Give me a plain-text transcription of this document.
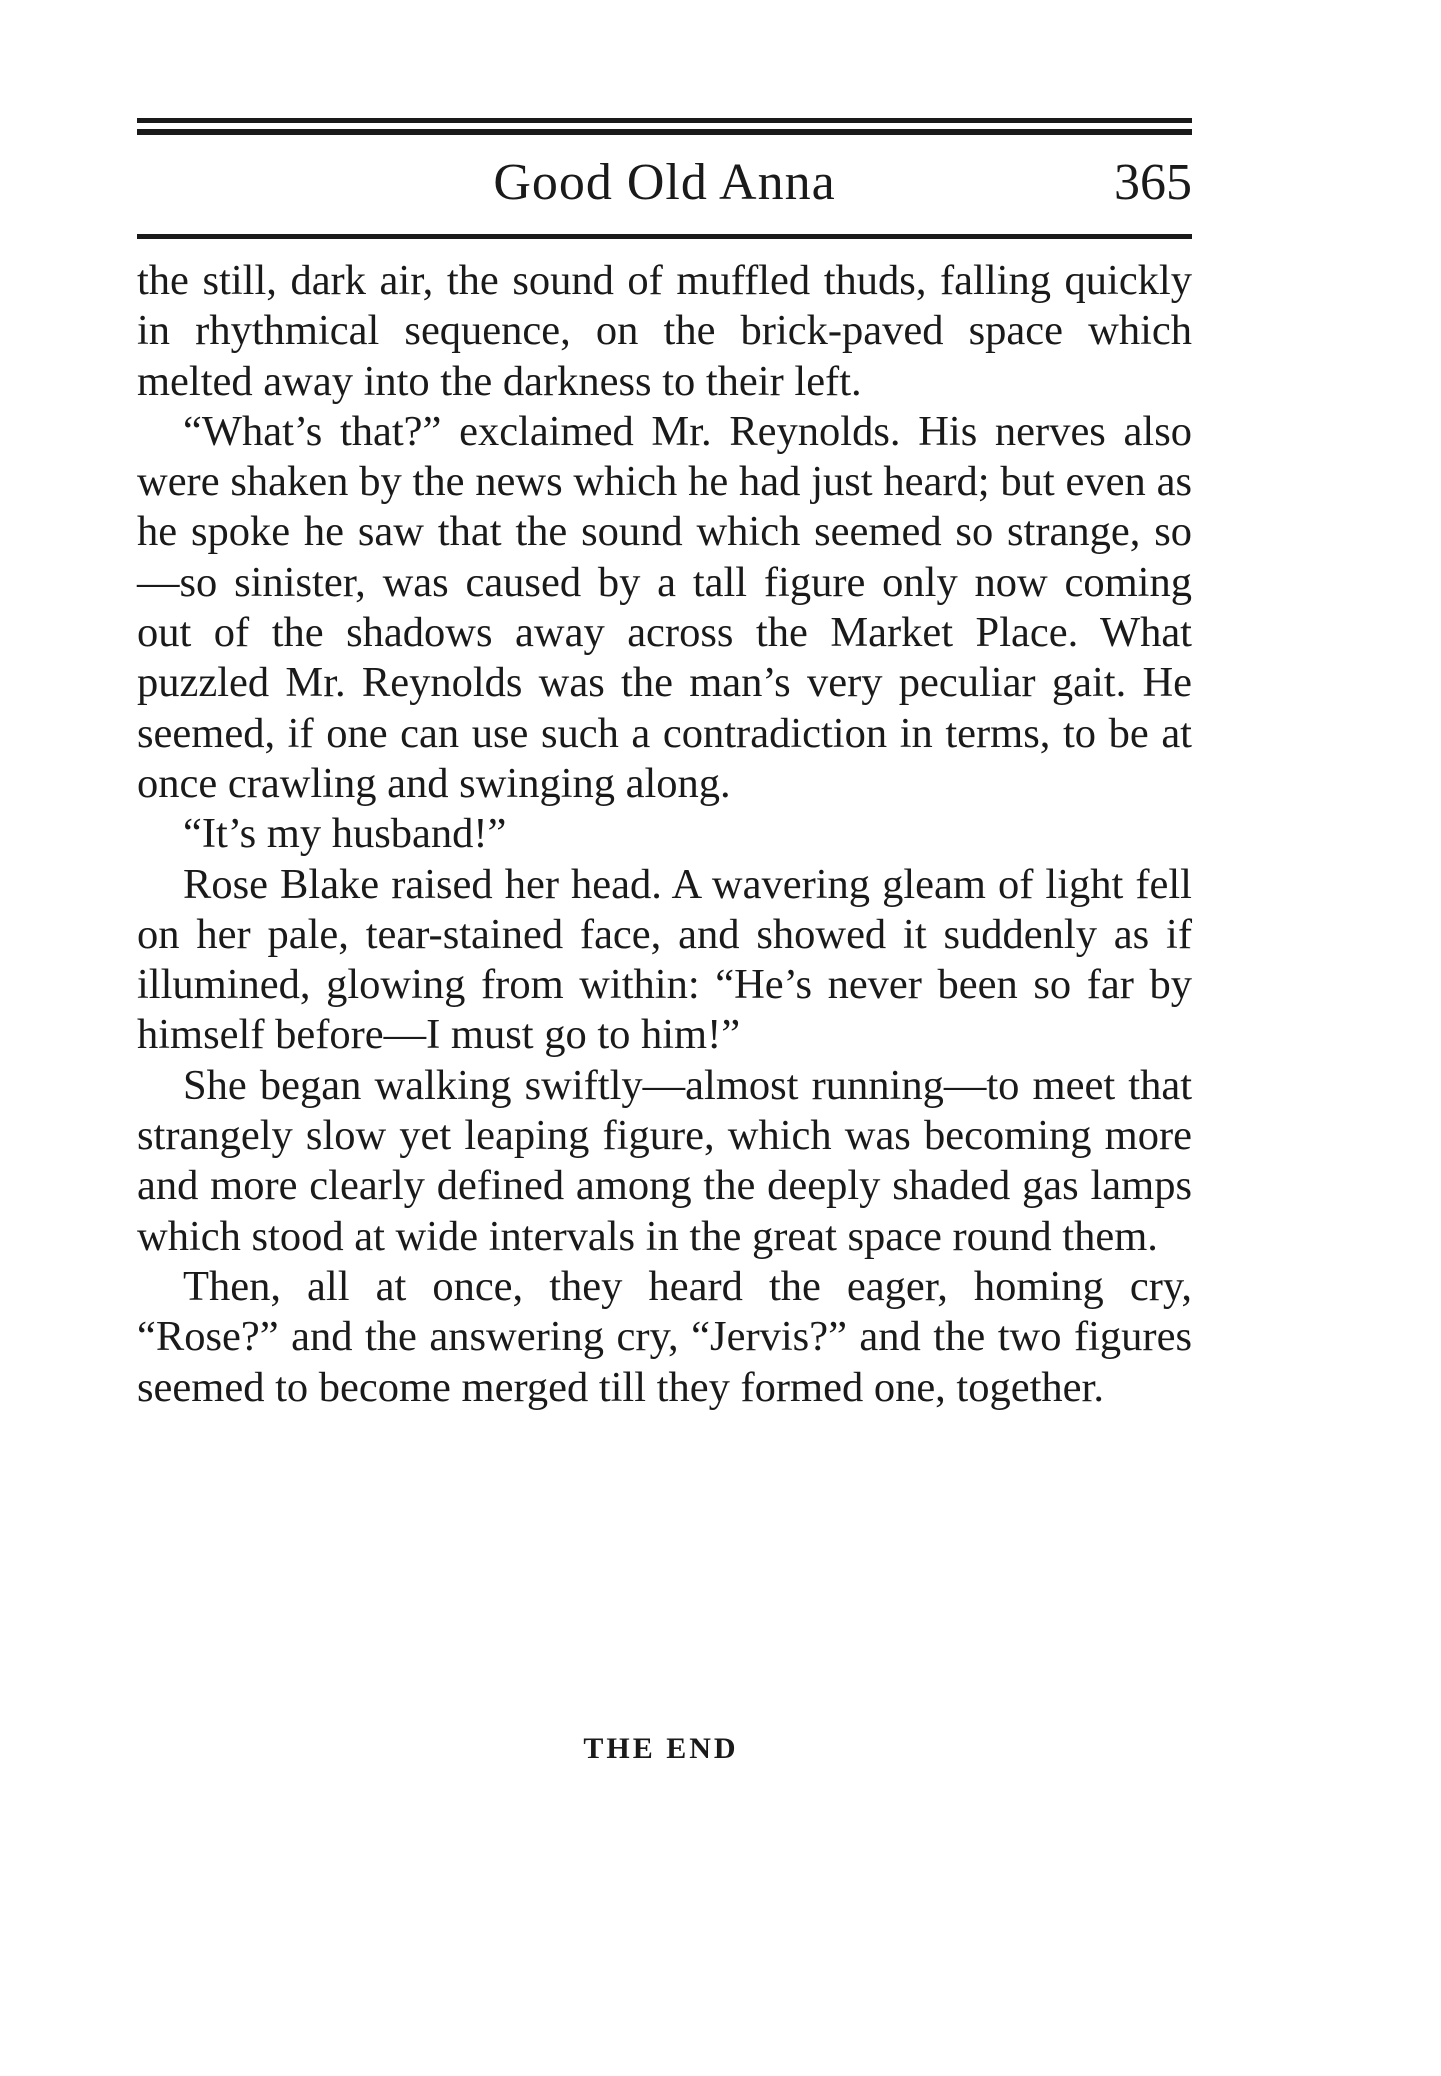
Good Old Anna	365

the still, dark air, the sound of muffled thuds, falling quickly in rhythmical sequence, on the brick-paved space which melted away into the darkness to their left.

“What’s that?” exclaimed Mr. Reynolds. His nerves also were shaken by the news which he had just heard; but even as he spoke he saw that the sound which seemed so strange, so—so sinister, was caused by a tall figure only now coming out of the shadows away across the Market Place. What puzzled Mr. Reynolds was the man’s very peculiar gait. He seemed, if one can use such a contradiction in terms, to be at once crawling and swinging along.

“It’s my husband!”

Rose Blake raised her head. A wavering gleam of light fell on her pale, tear-stained face, and showed it suddenly as if illumined, glowing from within: “He’s never been so far by himself before—I must go to him!”

She began walking swiftly—almost running—to meet that strangely slow yet leaping figure, which was becoming more and more clearly defined among the deeply shaded gas lamps which stood at wide intervals in the great space round them.

Then, all at once, they heard the eager, homing cry, “Rose?” and the answering cry, “Jervis?” and the two figures seemed to become merged till they formed one, together.

THE END
